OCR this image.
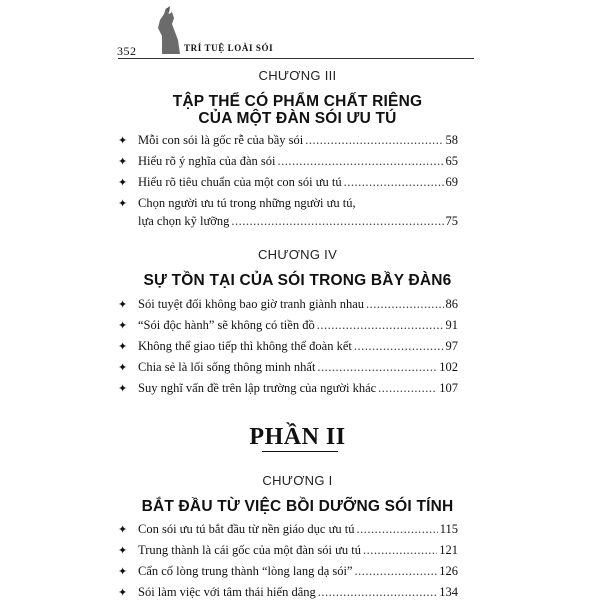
352	TRÍ TUỆ LOÀI SÓI
CHƯƠNG III
TẬP THỂ CÓ PHẨM CHẤT RIÊNG
CỦA MỘT ĐÀN SÓI ƯU TÚ
✦ Mỗi con sói là gốc rễ của bầy sói .....	58
✦ Hiểu rõ ý nghĩa của đàn sói .....	65
✦ Hiểu rõ tiêu chuẩn của một con sói ưu tú .....	69
✦ Chọn người ưu tú trong những người ưu tú,
lựa chọn kỹ lưỡng .....	75
CHƯƠNG IV
SỰ TỒN TẠI CỦA SÓI TRONG BẦY ĐÀN6
✦ Sói tuyệt đối không bao giờ tranh giành nhau .....	86
✦ “Sói độc hành” sẽ không có tiền đồ .....	91
✦ Không thể giao tiếp thì không thể đoàn kết .....	97
✦ Chia sẻ là lối sống thông minh nhất .....	102
✦ Suy nghĩ vấn đề trên lập trường của người khác .....	107
PHẦN II
CHƯƠNG I
BẮT ĐẦU TỪ VIỆC BỒI DƯỠNG SÓI TÍNH
✦ Con sói ưu tú bắt đầu từ nền giáo dục ưu tú .....	115
✦ Trung thành là cái gốc của một đàn sói ưu tú .....	121
✦ Cẩn cố lòng trung thành “lòng lang dạ sói” .....	126
✦ Sói làm việc với tâm thái hiến dâng .....	134
